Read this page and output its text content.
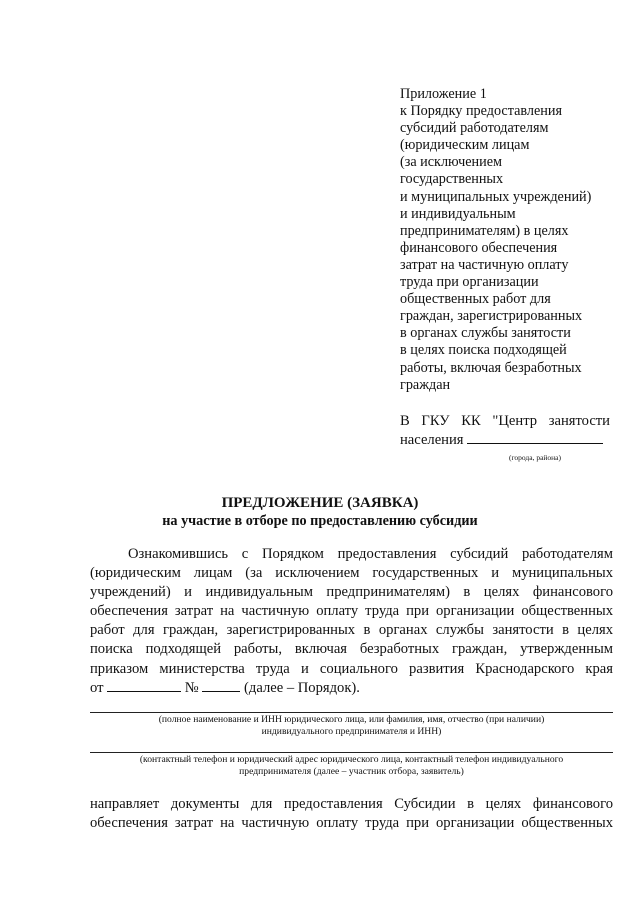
Приложение 1
к Порядку предоставления
субсидий работодателям
(юридическим лицам
(за исключением
государственных
и муниципальных учреждений)
и индивидуальным
предпринимателям) в целях
финансового обеспечения
затрат на частичную оплату
труда при организации
общественных работ для
граждан, зарегистрированных
в органах службы занятости
в целях поиска подходящей
работы, включая безработных
граждан
В ГКУ КК "Центр занятости
населения
(города, района)
ПРЕДЛОЖЕНИЕ (ЗАЯВКА)
на участие в отборе по предоставлению субсидии
Ознакомившись с Порядком предоставления субсидий работодателям
(юридическим лицам (за исключением государственных и муниципальных
учреждений) и индивидуальным предпринимателям) в целях финансового
обеспечения затрат на частичную оплату труда при организации общественных
работ для граждан, зарегистрированных в органах службы занятости в целях
поиска подходящей работы, включая безработных граждан, утвержденным
приказом министерства труда и социального развития Краснодарского края
от	№	(далее – Порядок).
(полное наименование и ИНН юридического лица, или фамилия, имя, отчество (при наличии)
индивидуального предпринимателя и ИНН)
(контактный телефон и юридический адрес юридического лица, контактный телефон индивидуального
предпринимателя (далее – участник отбора, заявитель)
направляет документы для предоставления Субсидии в целях финансового
обеспечения затрат на частичную оплату труда при организации общественных
